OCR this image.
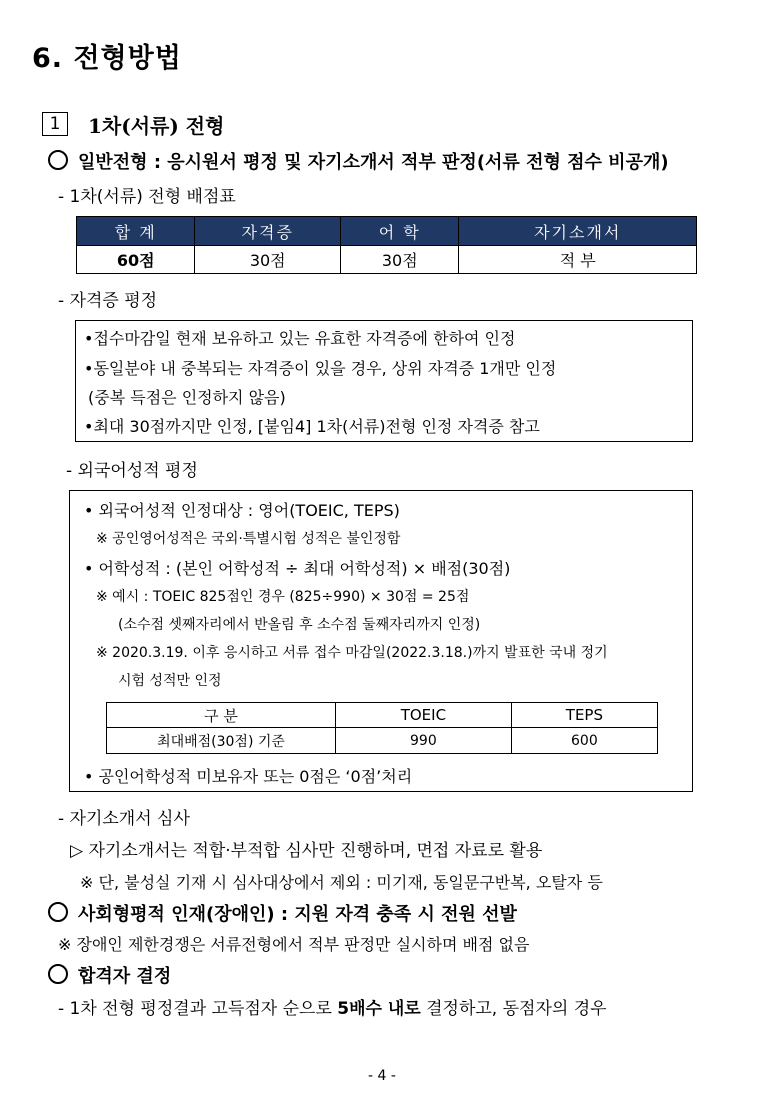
6. 전형방법
1	1차(서류) 전형
일반전형 : 응시원서 평정 및 자기소개서 적부 판정(서류 전형 점수 비공개)
- 1차(서류) 전형 배점표
합 계	자격증	어 학	자기소개서
60점	30점	30점	적 부
- 자격증 평정
•접수마감일 현재 보유하고 있는 유효한 자격증에 한하여 인정
•동일분야 내 중복되는 자격증이 있을 경우, 상위 자격증 1개만 인정
(중복 득점은 인정하지 않음)
•최대 30점까지만 인정, [붙임4] 1차(서류)전형 인정 자격증 참고
- 외국어성적 평정
• 외국어성적 인정대상 : 영어(TOEIC, TEPS)
※ 공인영어성적은 국외·특별시험 성적은 불인정함
• 어학성적 : (본인 어학성적 ÷ 최대 어학성적) × 배점(30점)
※ 예시 : TOEIC 825점인 경우 (825÷990) × 30점 = 25점
(소수점 셋째자리에서 반올림 후 소수점 둘째자리까지 인정)
※ 2020.3.19. 이후 응시하고 서류 접수 마감일(2022.3.18.)까지 발표한 국내 정기
시험 성적만 인정
구 분	TOEIC	TEPS
최대배점(30점) 기준	990	600
• 공인어학성적 미보유자 또는 0점은 ‘0점’처리
- 자기소개서 심사
▷ 자기소개서는 적합·부적합 심사만 진행하며, 면접 자료로 활용
※ 단, 불성실 기재 시 심사대상에서 제외 : 미기재, 동일문구반복, 오탈자 등
사회형평적 인재(장애인) : 지원 자격 충족 시 전원 선발
※ 장애인 제한경쟁은 서류전형에서 적부 판정만 실시하며 배점 없음
합격자 결정
- 1차 전형 평정결과 고득점자 순으로 5배수 내로 결정하고, 동점자의 경우
- 4 -
